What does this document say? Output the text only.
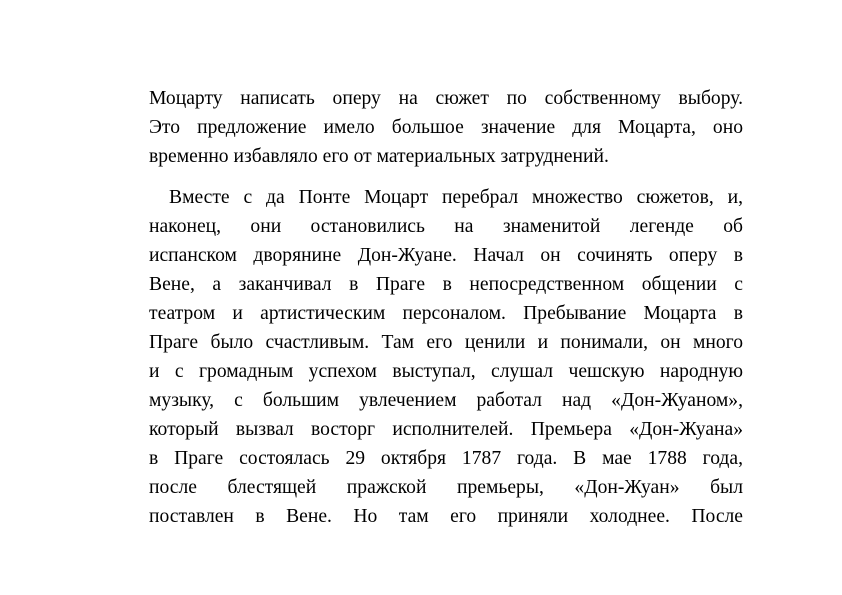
Моцарту написать оперу на сюжет по собственному выбору.
Это предложение имело большое значение для Моцарта, оно
временно избавляло его от материальных затруднений.
Вместе с да Понте Моцарт перебрал множество сюжетов, и,
наконец, они остановились на знаменитой легенде об
испанском дворянине Дон-Жуане. Начал он сочинять оперу в
Вене, а заканчивал в Праге в непосредственном общении с
театром и артистическим персоналом. Пребывание Моцарта в
Праге было счастливым. Там его ценили и понимали, он много
и с громадным успехом выступал, слушал чешскую народную
музыку, с большим увлечением работал над «Дон-Жуаном»,
который вызвал восторг исполнителей. Премьера «Дон-Жуана»
в Праге состоялась 29 октября 1787 года. В мае 1788 года,
после блестящей пражской премьеры, «Дон-Жуан» был
поставлен в Вене. Но там его приняли холоднее. После
